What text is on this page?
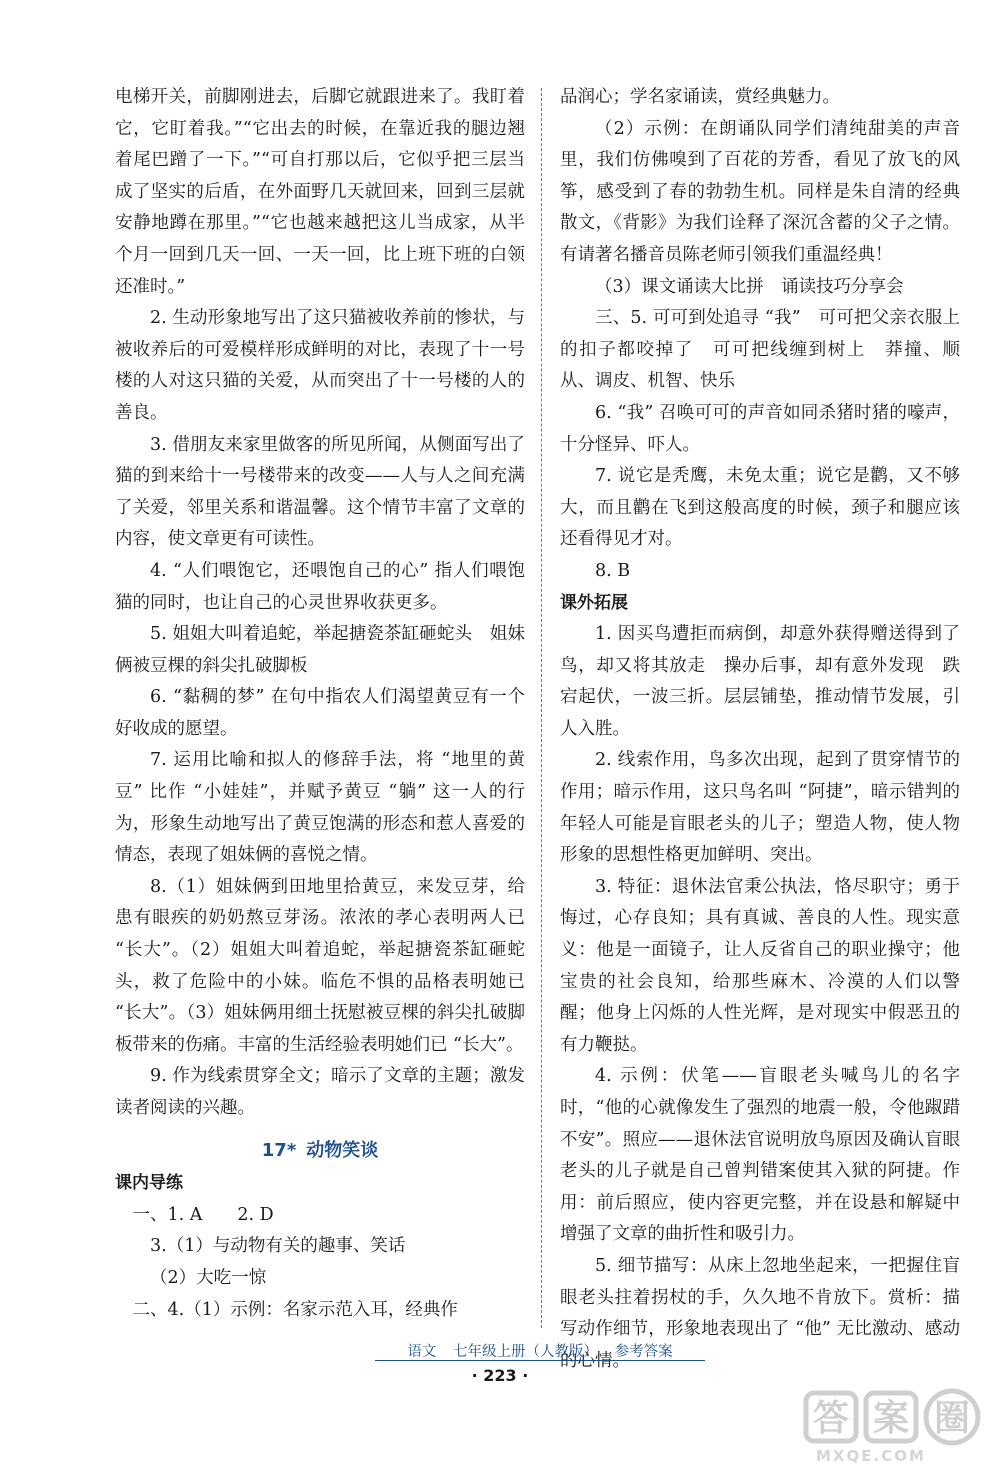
电梯开关，前脚刚进去，后脚它就跟进来了。我盯着它，它盯着我。”“它出去的时候，在靠近我的腿边翘着尾巴蹭了一下。”“可自打那以后，它似乎把三层当成了坚实的后盾，在外面野几天就回来，回到三层就安静地蹲在那里。”“它也越来越把这儿当成家，从半个月一回到几天一回、一天一回，比上班下班的白领还准时。”
2. 生动形象地写出了这只猫被收养前的惨状，与被收养后的可爱模样形成鲜明的对比，表现了十一号楼的人对这只猫的关爱，从而突出了十一号楼的人的善良。
3. 借朋友来家里做客的所见所闻，从侧面写出了猫的到来给十一号楼带来的改变——人与人之间充满了关爱，邻里关系和谐温馨。这个情节丰富了文章的内容，使文章更有可读性。
4. “人们喂饱它，还喂饱自己的心” 指人们喂饱猫的同时，也让自己的心灵世界收获更多。
5. 姐姐大叫着追蛇，举起搪瓷茶缸砸蛇头　姐妹俩被豆棵的斜尖扎破脚板
6. “黏稠的梦” 在句中指农人们渴望黄豆有一个好收成的愿望。
7. 运用比喻和拟人的修辞手法，将 “地里的黄豆” 比作 “小娃娃”，并赋予黄豆 “躺” 这一人的行为，形象生动地写出了黄豆饱满的形态和惹人喜爱的情态，表现了姐妹俩的喜悦之情。
8.（1）姐妹俩到田地里拾黄豆，来发豆芽，给患有眼疾的奶奶熬豆芽汤。浓浓的孝心表明两人已 “长大”。（2）姐姐大叫着追蛇，举起搪瓷茶缸砸蛇头，救了危险中的小妹。临危不惧的品格表明她已 “长大”。（3）姐妹俩用细土抚慰被豆棵的斜尖扎破脚板带来的伤痛。丰富的生活经验表明她们已 “长大”。
9. 作为线索贯穿全文；暗示了文章的主题；激发读者阅读的兴趣。
17* 动物笑谈
课内导练
一、1. A　　2. D
3.（1）与动物有关的趣事、笑话
（2）大吃一惊
二、4.（1）示例：名家示范入耳，经典作
品润心；学名家诵读，赏经典魅力。
（2）示例：在朗诵队同学们清纯甜美的声音里，我们仿佛嗅到了百花的芳香，看见了放飞的风筝，感受到了春的勃勃生机。同样是朱自清的经典散文，《背影》为我们诠释了深沉含蓄的父子之情。有请著名播音员陈老师引领我们重温经典！
（3）课文诵读大比拼　诵读技巧分享会
三、5. 可可到处追寻 “我”　可可把父亲衣服上的扣子都咬掉了　可可把线缠到树上　莽撞、顺从、调皮、机智、快乐
6. “我” 召唤可可的声音如同杀猪时猪的嚎声，十分怪异、吓人。
7. 说它是秃鹰，未免太重；说它是鹳，又不够大，而且鹳在飞到这般高度的时候，颈子和腿应该还看得见才对。
8. B
课外拓展
1. 因买鸟遭拒而病倒，却意外获得赠送得到了鸟，却又将其放走　操办后事，却有意外发现　跌宕起伏，一波三折。层层铺垫，推动情节发展，引人入胜。
2. 线索作用，鸟多次出现，起到了贯穿情节的作用；暗示作用，这只鸟名叫 “阿捷”，暗示错判的年轻人可能是盲眼老头的儿子；塑造人物，使人物形象的思想性格更加鲜明、突出。
3. 特征：退休法官秉公执法，恪尽职守；勇于悔过，心存良知；具有真诚、善良的人性。现实意义：他是一面镜子，让人反省自己的职业操守；他宝贵的社会良知，给那些麻木、冷漠的人们以警醒；他身上闪烁的人性光辉，是对现实中假恶丑的有力鞭挞。
4. 示例：伏笔——盲眼老头喊鸟儿的名字时，“他的心就像发生了强烈的地震一般，令他踧踖不安”。照应——退休法官说明放鸟原因及确认盲眼老头的儿子就是自己曾判错案使其入狱的阿捷。作用：前后照应，使内容更完整，并在设悬和解疑中增强了文章的曲折性和吸引力。
5. 细节描写：从床上忽地坐起来，一把握住盲眼老头拄着拐杖的手，久久地不肯放下。赏析：描写动作细节，形象地表现出了 “他” 无比激动、感动的心情。
语文 七年级上册（人教版） 参考答案
· 223 ·
答 案 圈
MXQE.COM
